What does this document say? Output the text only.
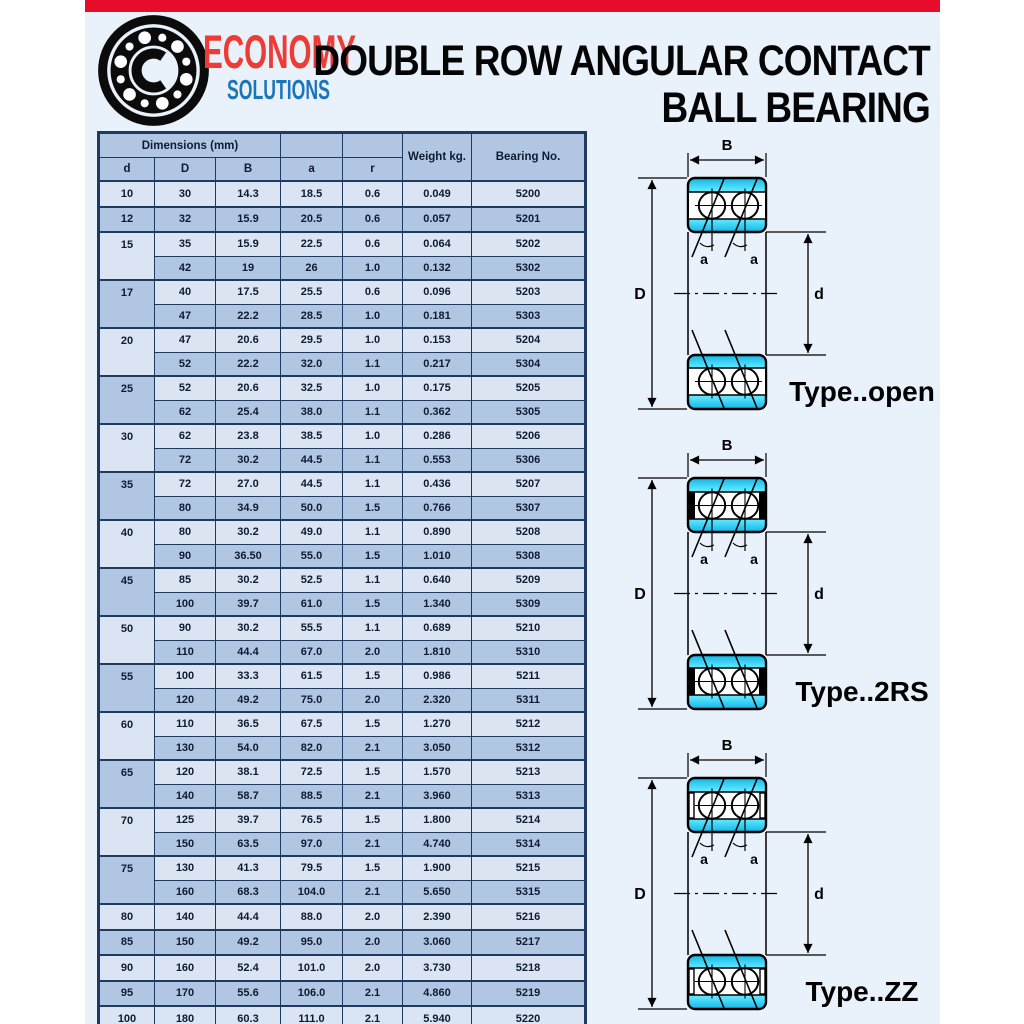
ECONOMY
SOLUTIONS
DOUBLE ROW ANGULAR CONTACT
BALL BEARING
Dimensions (mm)					Weight kg.	Bearing No.
d	D	B	a	r		

10	30	14.3	18.5	0.6	0.049	5200

12	32	15.9	20.5	0.6	0.057	5201

15	35	15.9	22.5	0.6	0.064	5202
	42	19	26	1.0	0.132	5302

17	40	17.5	25.5	0.6	0.096	5203
	47	22.2	28.5	1.0	0.181	5303

20	47	20.6	29.5	1.0	0.153	5204
	52	22.2	32.0	1.1	0.217	5304

25	52	20.6	32.5	1.0	0.175	5205
	62	25.4	38.0	1.1	0.362	5305

30	62	23.8	38.5	1.0	0.286	5206
	72	30.2	44.5	1.1	0.553	5306

35	72	27.0	44.5	1.1	0.436	5207
	80	34.9	50.0	1.5	0.766	5307

40	80	30.2	49.0	1.1	0.890	5208
	90	36.50	55.0	1.5	1.010	5308

45	85	30.2	52.5	1.1	0.640	5209
	100	39.7	61.0	1.5	1.340	5309

50	90	30.2	55.5	1.1	0.689	5210
	110	44.4	67.0	2.0	1.810	5310

55	100	33.3	61.5	1.5	0.986	5211
	120	49.2	75.0	2.0	2.320	5311

60	110	36.5	67.5	1.5	1.270	5212
	130	54.0	82.0	2.1	3.050	5312

65	120	38.1	72.5	1.5	1.570	5213
	140	58.7	88.5	2.1	3.960	5313

70	125	39.7	76.5	1.5	1.800	5214
	150	63.5	97.0	2.1	4.740	5314

75	130	41.3	79.5	1.5	1.900	5215
	160	68.3	104.0	2.1	5.650	5315

80	140	44.4	88.0	2.0	2.390	5216

85	150	49.2	95.0	2.0	3.060	5217

90	160	52.4	101.0	2.0	3.730	5218

95	170	55.6	106.0	2.1	4.860	5219

100	180	60.3	111.0	2.1	5.940	5220
a	a
B
D	d
Type..open
a	a
B
D	d
Type..2RS
a	a
B
D	d
Type..ZZ
